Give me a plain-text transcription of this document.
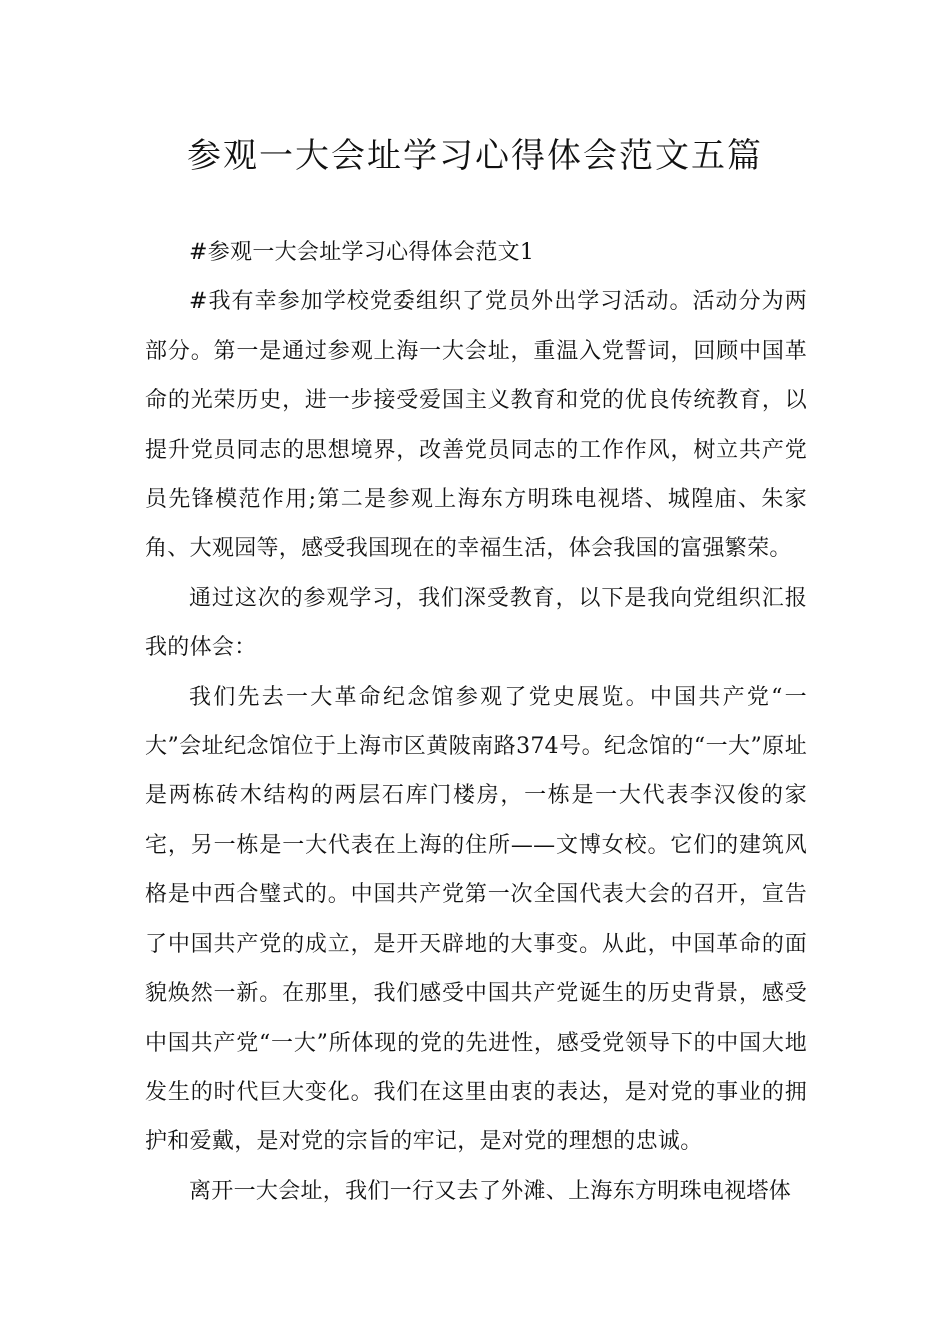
参观一大会址学习心得体会范文五篇

#参观一大会址学习心得体会范文1

#我有幸参加学校党委组织了党员外出学习活动。活动分为两部分。第一是通过参观上海一大会址，重温入党誓词，回顾中国革命的光荣历史，进一步接受爱国主义教育和党的优良传统教育，以提升党员同志的思想境界，改善党员同志的工作作风，树立共产党员先锋模范作用;第二是参观上海东方明珠电视塔、城隍庙、朱家角、大观园等，感受我国现在的幸福生活，体会我国的富强繁荣。

通过这次的参观学习，我们深受教育，以下是我向党组织汇报我的体会：

我们先去一大革命纪念馆参观了党史展览。中国共产党“一大”会址纪念馆位于上海市区黄陂南路374号。纪念馆的“一大”原址是两栋砖木结构的两层石库门楼房，一栋是一大代表李汉俊的家宅，另一栋是一大代表在上海的住所——文博女校。它们的建筑风格是中西合璧式的。中国共产党第一次全国代表大会的召开，宣告了中国共产党的成立，是开天辟地的大事变。从此，中国革命的面貌焕然一新。在那里，我们感受中国共产党诞生的历史背景，感受中国共产党“一大”所体现的党的先进性，感受党领导下的中国大地发生的时代巨大变化。我们在这里由衷的表达，是对党的事业的拥护和爱戴，是对党的宗旨的牢记，是对党的理想的忠诚。

离开一大会址，我们一行又去了外滩、上海东方明珠电视塔体
